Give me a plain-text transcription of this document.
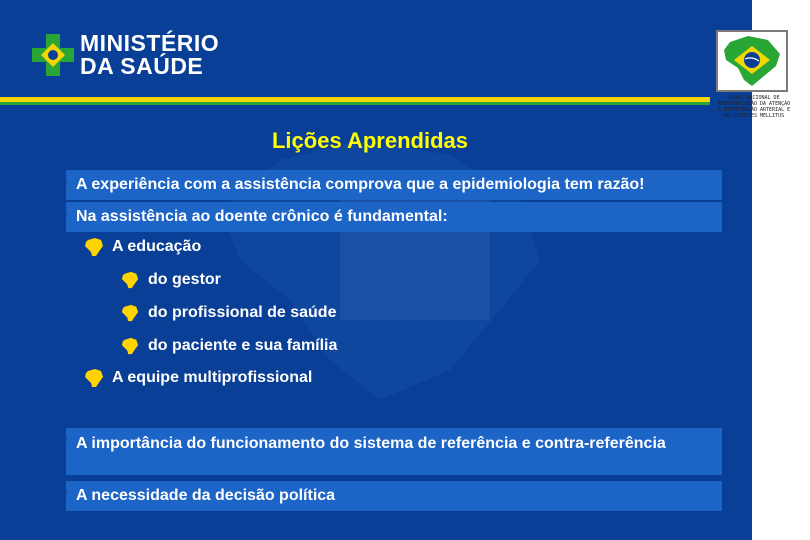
MINISTÉRIO
DA SAÚDE
PLANO NACIONAL DE REORGANIZAÇÃO DA ATENÇÃO À HIPERTENSÃO ARTERIAL E AO DIABETES MELLITUS
Lições Aprendidas
A experiência com a assistência comprova que a epidemiologia tem razão!
Na assistência ao doente crônico é fundamental:
A educação
do gestor
do profissional de saúde
do paciente e sua família
A equipe multiprofissional
A importância do funcionamento do sistema de referência e contra-referência
A necessidade da decisão política
